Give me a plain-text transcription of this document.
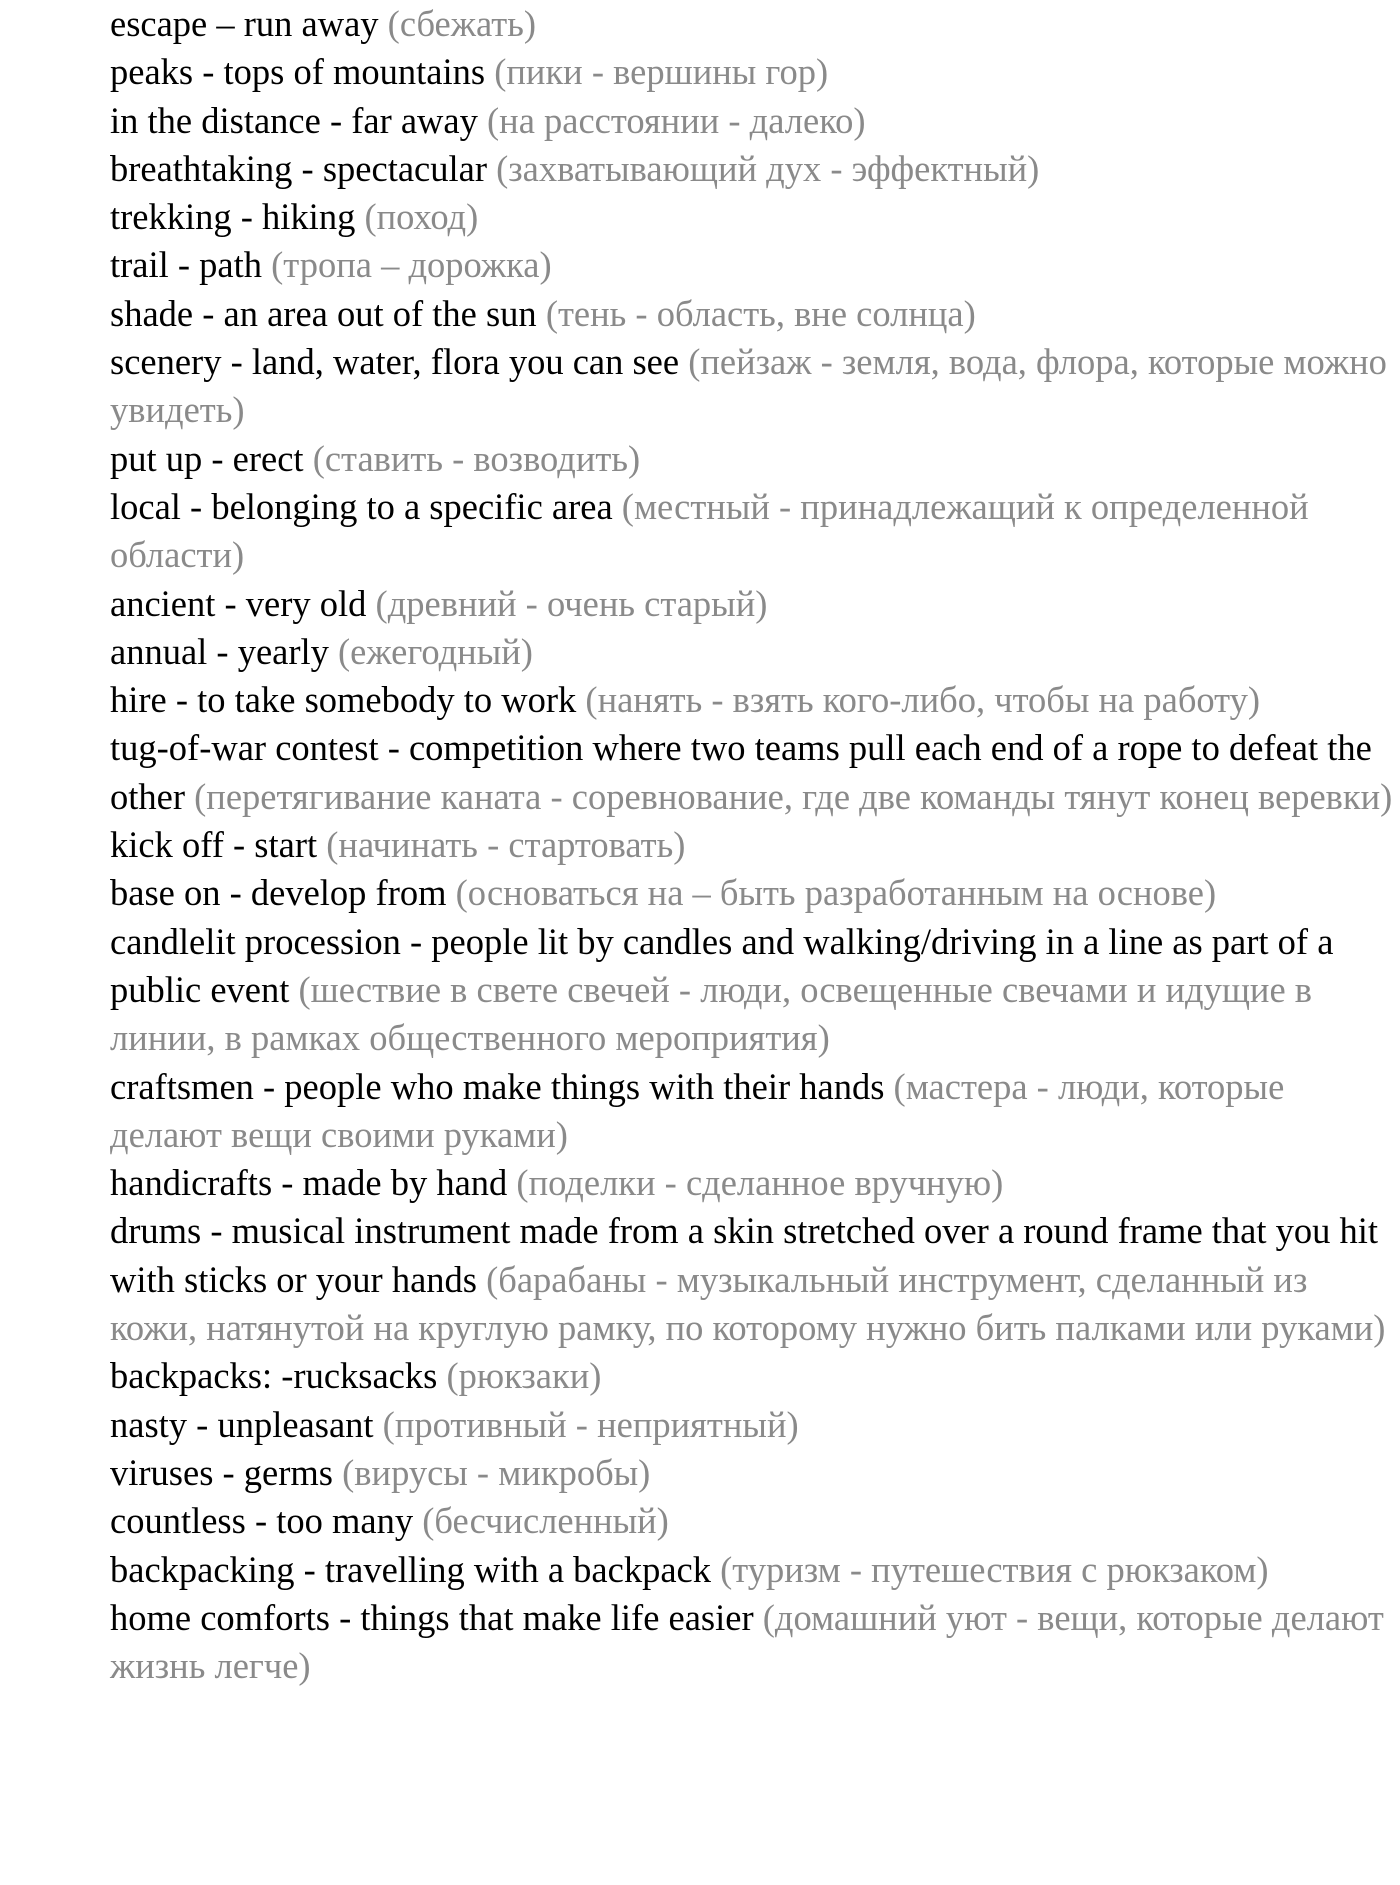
escape – run away (сбежать)

peaks - tops of mountains (пики - вершины гор)

in the distance - far away (на расстоянии - далеко)

breathtaking - spectacular (захватывающий дух - эффектный)

trekking - hiking (поход)

trail - path (тропа – дорожка)

shade - an area out of the sun (тень - область, вне солнца)

scenery - land, water, flora you can see (пейзаж - земля, вода, флора, которые можно увидеть)

put up - erect (ставить - возводить)

local - belonging to a specific area (местный - принадлежащий к определенной области)

ancient - very old (древний - очень старый)

annual - yearly (ежегодный)

hire - to take somebody to work (нанять - взять кого-либо, чтобы на работу)

tug-of-war contest - competition where two teams pull each end of a rope to defeat the other (перетягивание каната - соревнование, где две команды тянут конец веревки)

kick off - start (начинать - стартовать)

base on - develop from (основаться на – быть разработанным на основе)

candlelit procession - people lit by candles and walking/driving in a line as part of a public event (шествие в свете свечей - люди, освещенные свечами и идущие в линии, в рамках общественного мероприятия)

craftsmen - people who make things with their hands (мастера - люди, которые делают вещи своими руками)

handicrafts - made by hand (поделки - сделанное вручную)

drums - musical instrument made from a skin stretched over a round frame that you hit with sticks or your hands (барабаны - музыкальный инструмент, сделанный из кожи, натянутой на круглую рамку, по которому нужно бить палками или руками)

backpacks: -rucksacks (рюкзаки)

nasty - unpleasant (противный - неприятный)

viruses - germs (вирусы - микробы)

countless - too many (бесчисленный)

backpacking - travelling with a backpack (туризм - путешествия с рюкзаком)

home comforts - things that make life easier (домашний уют - вещи, которые делают жизнь легче)
